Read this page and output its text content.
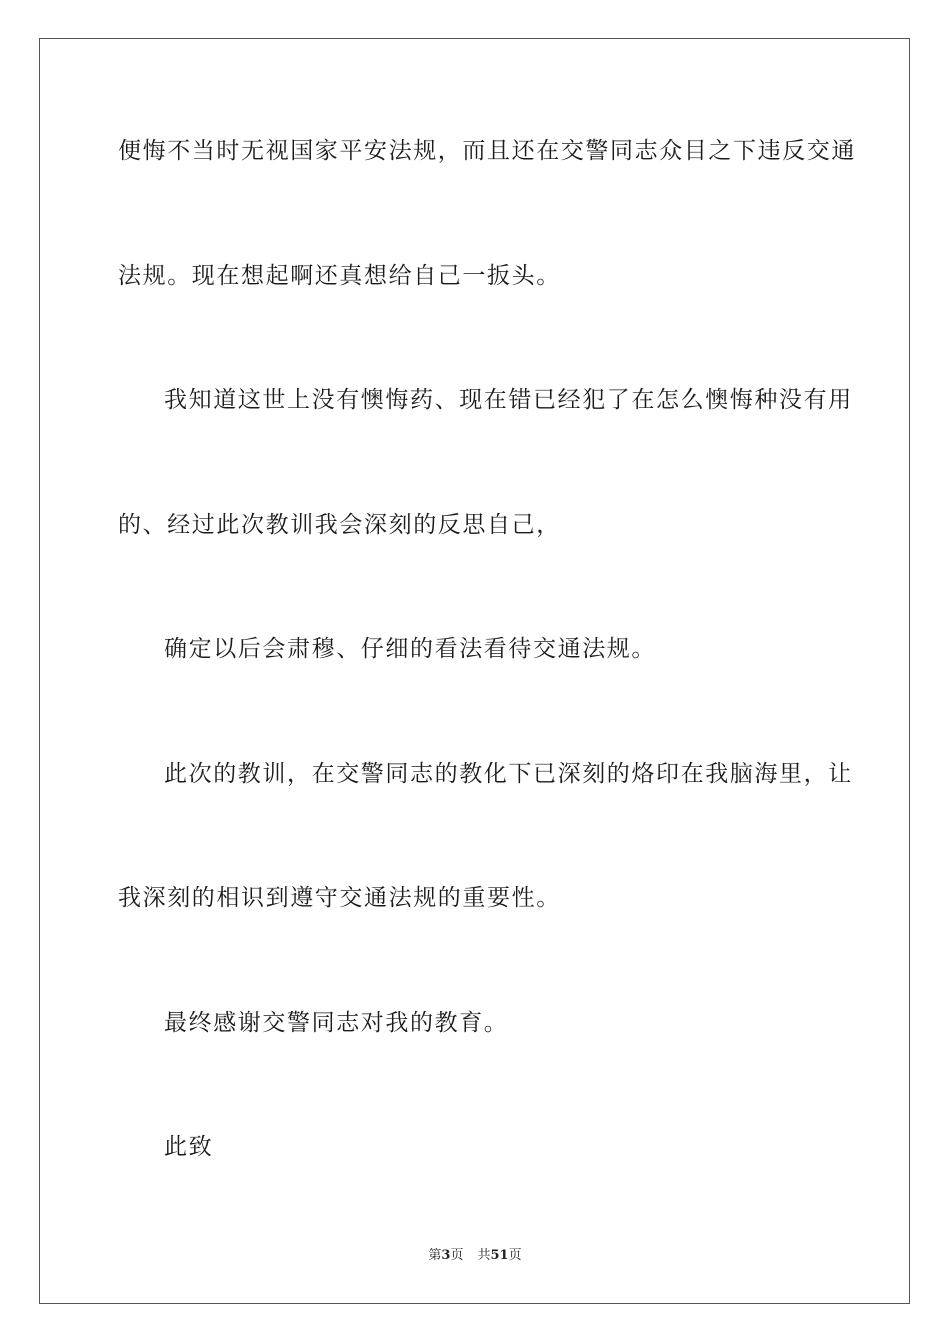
便悔不当时无视国家平安法规，而且还在交警同志众目之下违反交通
法规。现在想起啊还真想给自己一扳头。
我知道这世上没有懊悔药、现在错已经犯了在怎么懊悔种没有用
的、经过此次教训我会深刻的反思自己，
确定以后会肃穆、仔细的看法看待交通法规。
此次的教训，在交警同志的教化下已深刻的烙印在我脑海里，让
我深刻的相识到遵守交通法规的重要性。
最终感谢交警同志对我的教育。
此致
第3页 共51页
